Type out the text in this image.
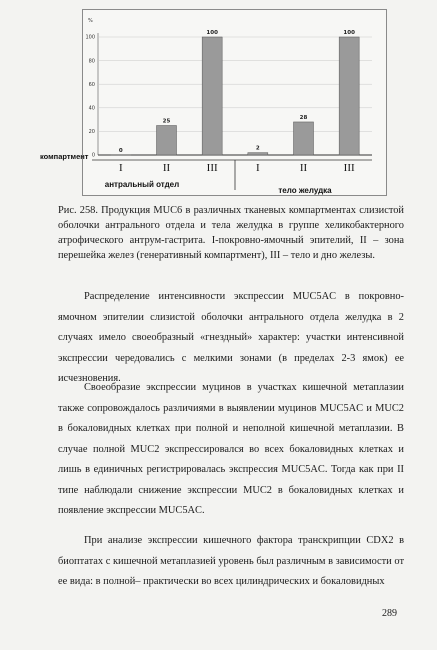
%
0
20
40
60
80
100
0
25
100
2
28
100
I	II	III	I	II	III
компартмент
антральный отдел
тело желудка
Рис. 258. Продукция MUC6 в различных тканевых компартментах слизистой оболочки антрального отдела и тела желудка в группе хеликобактерного атрофического антрум-гастрита. I-покровно-ямочный эпителий, II – зона перешейка желез (генеративный компартмент), III – тело и дно железы.

Распределение интенсивности экспрессии MUC5AC в покровно-ямочном эпителии слизистой оболочки антрального отдела желудка в 2 случаях имело своеобразный «гнездный» характер: участки интенсивной экспрессии чередовались с мелкими зонами (в пределах 2-3 ямок) ее исчезновения.

Своеобразие экспрессии муцинов в участках кишечной метаплазии также сопровождалось различиями в выявлении муцинов MUC5AC и MUC2 в бокаловидных клетках при полной и неполной кишечной метаплазии. В случае полной MUC2 экспрессировался во всех бокаловидных клетках и лишь в единичных регистрировалась экспрессия MUC5AC. Тогда как при II типе наблюдали снижение экспрессии MUC2 в бокаловидных клетках и появление экспрессии MUC5AC.

При анализе экспрессии кишечного фактора транскрипции CDX2 в биоптатах с кишечной метаплазией уровень был различным в зависимости от ее вида: в полной– практически во всех цилиндрических и бокаловидных

289
